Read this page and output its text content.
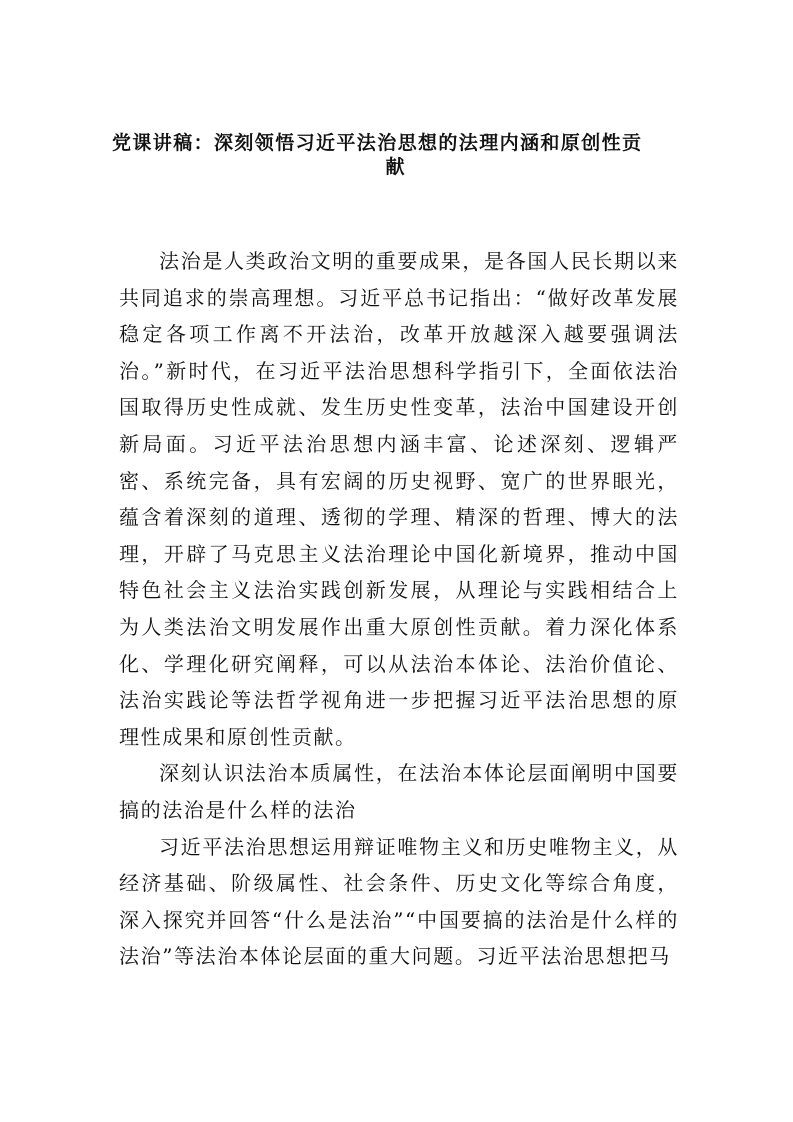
党课讲稿：深刻领悟习近平法治思想的法理内涵和原创性贡
献

法治是人类政治文明的重要成果，是各国人民长期以来共同追求的崇高理想。习近平总书记指出：“做好改革发展稳定各项工作离不开法治，改革开放越深入越要强调法治。”新时代，在习近平法治思想科学指引下，全面依法治国取得历史性成就、发生历史性变革，法治中国建设开创新局面。习近平法治思想内涵丰富、论述深刻、逻辑严密、系统完备，具有宏阔的历史视野、宽广的世界眼光，蕴含着深刻的道理、透彻的学理、精深的哲理、博大的法理，开辟了马克思主义法治理论中国化新境界，推动中国特色社会主义法治实践创新发展，从理论与实践相结合上为人类法治文明发展作出重大原创性贡献。着力深化体系化、学理化研究阐释，可以从法治本体论、法治价值论、法治实践论等法哲学视角进一步把握习近平法治思想的原理性成果和原创性贡献。

深刻认识法治本质属性，在法治本体论层面阐明中国要搞的法治是什么样的法治

习近平法治思想运用辩证唯物主义和历史唯物主义，从经济基础、阶级属性、社会条件、历史文化等综合角度，深入探究并回答“什么是法治”“中国要搞的法治是什么样的法治”等法治本体论层面的重大问题。习近平法治思想把马
